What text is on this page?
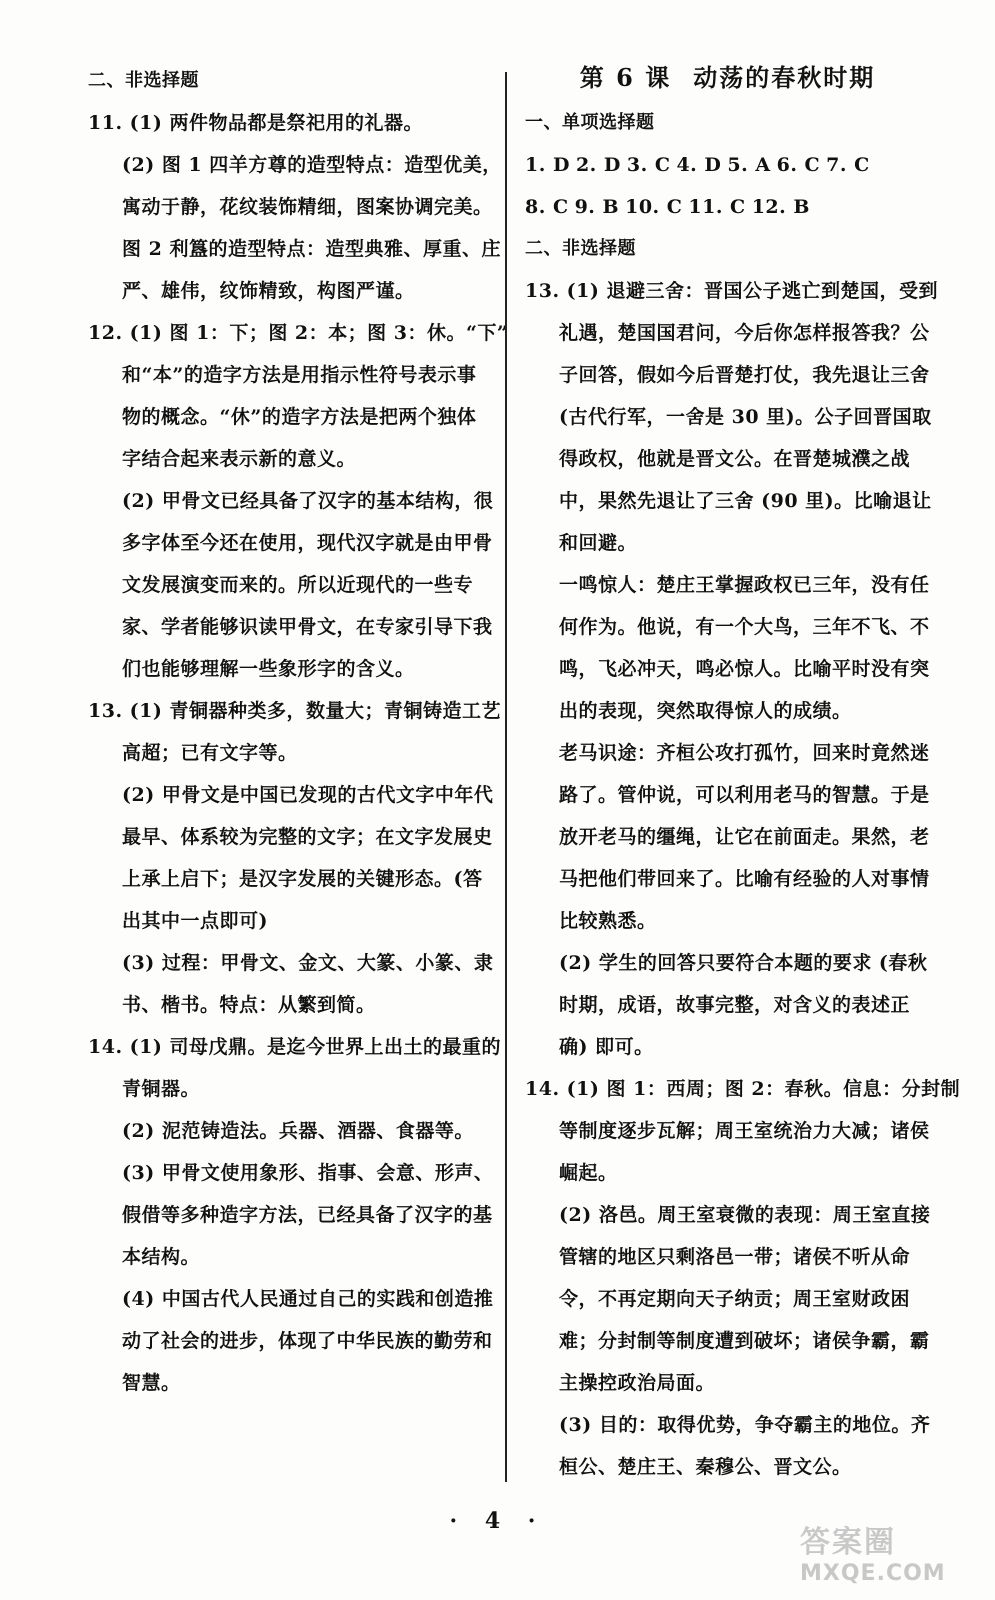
二、非选择题
11. (1) 两件物品都是祭祀用的礼器。
(2) 图 1 四羊方尊的造型特点：造型优美，
寓动于静，花纹装饰精细，图案协调完美。
图 2 利簋的造型特点：造型典雅、厚重、庄
严、雄伟，纹饰精致，构图严谨。
12. (1) 图 1：下；图 2：本；图 3：休。“下”
和“本”的造字方法是用指示性符号表示事
物的概念。“休”的造字方法是把两个独体
字结合起来表示新的意义。
(2) 甲骨文已经具备了汉字的基本结构，很
多字体至今还在使用，现代汉字就是由甲骨
文发展演变而来的。所以近现代的一些专
家、学者能够识读甲骨文，在专家引导下我
们也能够理解一些象形字的含义。
13. (1) 青铜器种类多，数量大；青铜铸造工艺
高超；已有文字等。
(2) 甲骨文是中国已发现的古代文字中年代
最早、体系较为完整的文字；在文字发展史
上承上启下；是汉字发展的关键形态。(答
出其中一点即可)
(3) 过程：甲骨文、金文、大篆、小篆、隶
书、楷书。特点：从繁到简。
14. (1) 司母戊鼎。是迄今世界上出土的最重的
青铜器。
(2) 泥范铸造法。兵器、酒器、食器等。
(3) 甲骨文使用象形、指事、会意、形声、
假借等多种造字方法，已经具备了汉字的基
本结构。
(4) 中国古代人民通过自己的实践和创造推
动了社会的进步，体现了中华民族的勤劳和
智慧。
第 6 课 动荡的春秋时期
一、单项选择题
1. D 2. D 3. C 4. D 5. A 6. C 7. C
8. C 9. B 10. C 11. C 12. B
二、非选择题
13. (1) 退避三舍：晋国公子逃亡到楚国，受到
礼遇，楚国国君问，今后你怎样报答我？公
子回答，假如今后晋楚打仗，我先退让三舍
(古代行军，一舍是 30 里)。公子回晋国取
得政权，他就是晋文公。在晋楚城濮之战
中，果然先退让了三舍 (90 里)。比喻退让
和回避。
一鸣惊人：楚庄王掌握政权已三年，没有任
何作为。他说，有一个大鸟，三年不飞、不
鸣，飞必冲天，鸣必惊人。比喻平时没有突
出的表现，突然取得惊人的成绩。
老马识途：齐桓公攻打孤竹，回来时竟然迷
路了。管仲说，可以利用老马的智慧。于是
放开老马的缰绳，让它在前面走。果然，老
马把他们带回来了。比喻有经验的人对事情
比较熟悉。
(2) 学生的回答只要符合本题的要求 (春秋
时期，成语，故事完整，对含义的表述正
确) 即可。
14. (1) 图 1：西周；图 2：春秋。信息：分封制
等制度逐步瓦解；周王室统治力大减；诸侯
崛起。
(2) 洛邑。周王室衰微的表现：周王室直接
管辖的地区只剩洛邑一带；诸侯不听从命
令，不再定期向天子纳贡；周王室财政困
难；分封制等制度遭到破坏；诸侯争霸，霸
主操控政治局面。
(3) 目的：取得优势，争夺霸主的地位。齐
桓公、楚庄王、秦穆公、晋文公。
· 4 ·
答案圈
MXQE.COM
